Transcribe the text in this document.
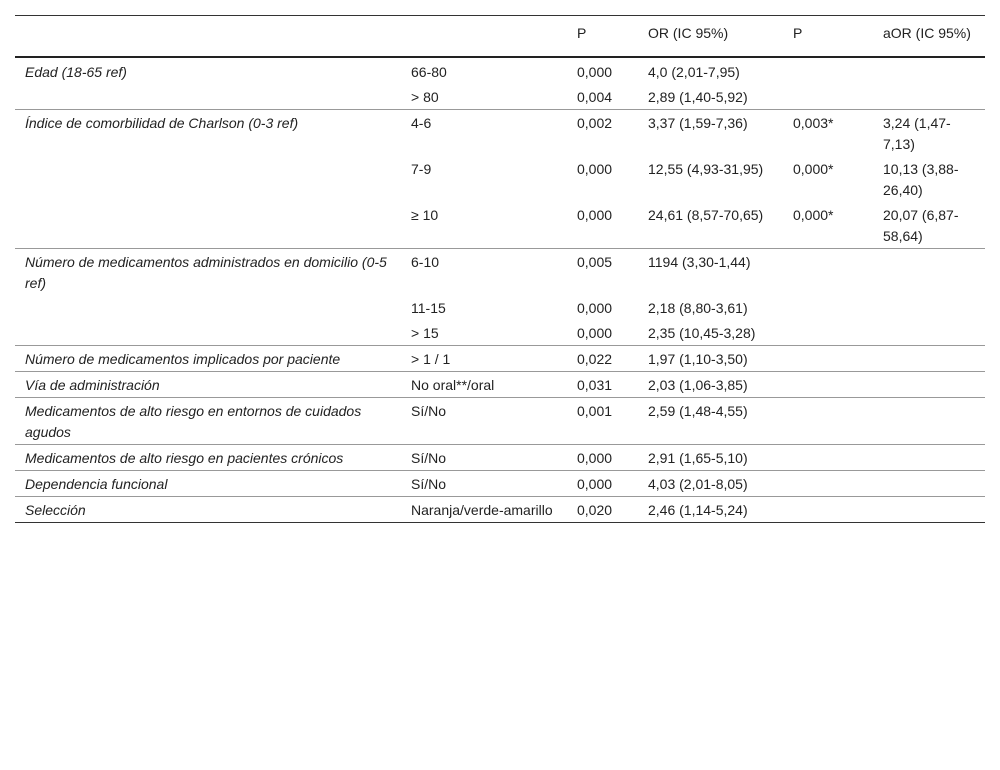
		P	OR (IC 95%)	P	aOR (IC 95%)
Edad (18-65 ref)	66-80	0,000	4,0 (2,01-7,95)		
	> 80	0,004	2,89 (1,40-5,92)		
Índice de comorbilidad de Charlson (0-3 ref)	4-6	0,002	3,37 (1,59-7,36)	0,003*	3,24 (1,47-7,13)
	7-9	0,000	12,55 (4,93-31,95)	0,000*	10,13 (3,88-26,40)
	≥ 10	0,000	24,61 (8,57-70,65)	0,000*	20,07 (6,87-58,64)
Número de medicamentos administrados en domicilio (0-5 ref)	6-10	0,005	1194 (3,30-1,44)		
	11-15	0,000	2,18 (8,80-3,61)		
	> 15	0,000	2,35 (10,45-3,28)		
Número de medicamentos implicados por paciente	> 1 / 1	0,022	1,97 (1,10-3,50)		
Vía de administración	No oral**/oral	0,031	2,03 (1,06-3,85)		
Medicamentos de alto riesgo en entornos de cuidados agudos	Sí/No	0,001	2,59 (1,48-4,55)		
Medicamentos de alto riesgo en pacientes crónicos	Sí/No	0,000	2,91 (1,65-5,10)		
Dependencia funcional	Sí/No	0,000	4,03 (2,01-8,05)		
Selección	Naranja/verde-amarillo	0,020	2,46 (1,14-5,24)		
